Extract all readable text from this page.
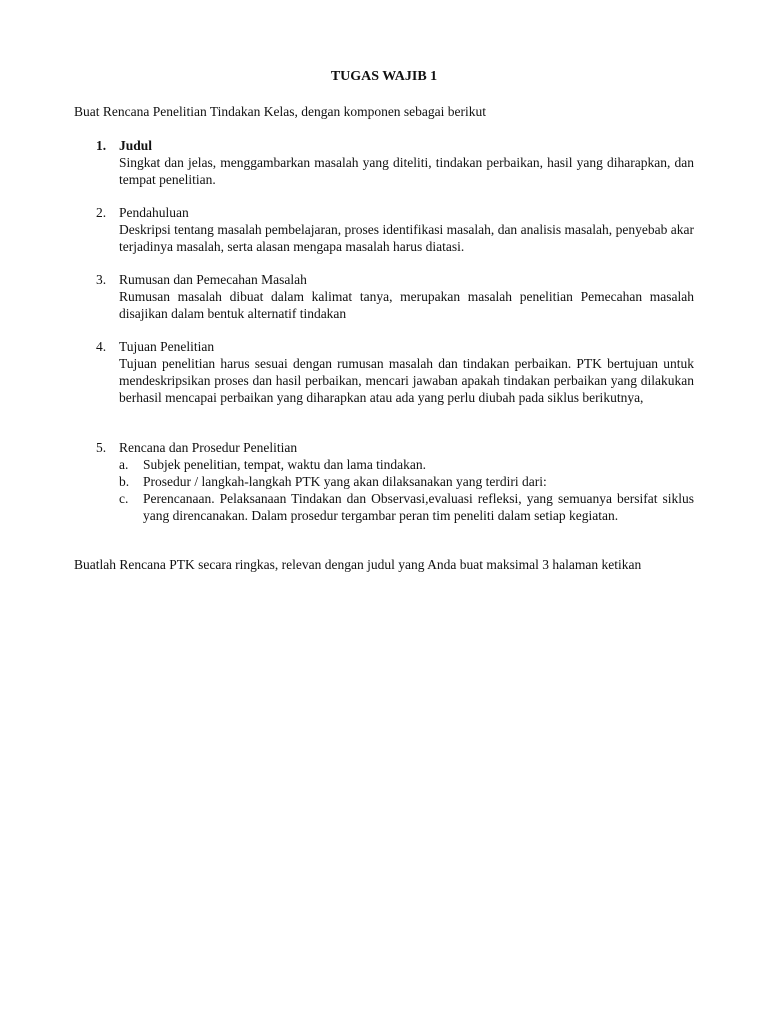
TUGAS WAJIB 1
Buat Rencana Penelitian Tindakan Kelas, dengan komponen sebagai berikut
1. Judul
Singkat dan jelas, menggambarkan masalah yang diteliti, tindakan perbaikan, hasil yang diharapkan, dan tempat penelitian.
2. Pendahuluan
Deskripsi tentang masalah pembelajaran, proses identifikasi masalah, dan analisis masalah, penyebab akar terjadinya masalah, serta alasan mengapa masalah harus diatasi.
3. Rumusan dan Pemecahan Masalah
Rumusan masalah dibuat dalam kalimat tanya, merupakan masalah penelitian Pemecahan masalah disajikan dalam bentuk alternatif tindakan
4. Tujuan Penelitian
Tujuan penelitian harus sesuai dengan rumusan masalah dan tindakan perbaikan. PTK bertujuan untuk mendeskripsikan proses dan hasil perbaikan, mencari jawaban apakah tindakan perbaikan yang dilakukan berhasil mencapai perbaikan yang diharapkan atau ada yang perlu diubah pada siklus berikutnya,
5. Rencana dan Prosedur Penelitian
a.	Subjek penelitian, tempat, waktu dan lama tindakan.
b.	Prosedur / langkah-langkah PTK yang akan dilaksanakan yang terdiri dari:
c.	Perencanaan. Pelaksanaan Tindakan dan Observasi,evaluasi refleksi, yang semuanya bersifat siklus yang direncanakan. Dalam prosedur tergambar peran tim peneliti dalam setiap kegiatan.
Buatlah Rencana PTK secara ringkas, relevan dengan judul yang Anda buat maksimal 3 halaman ketikan
